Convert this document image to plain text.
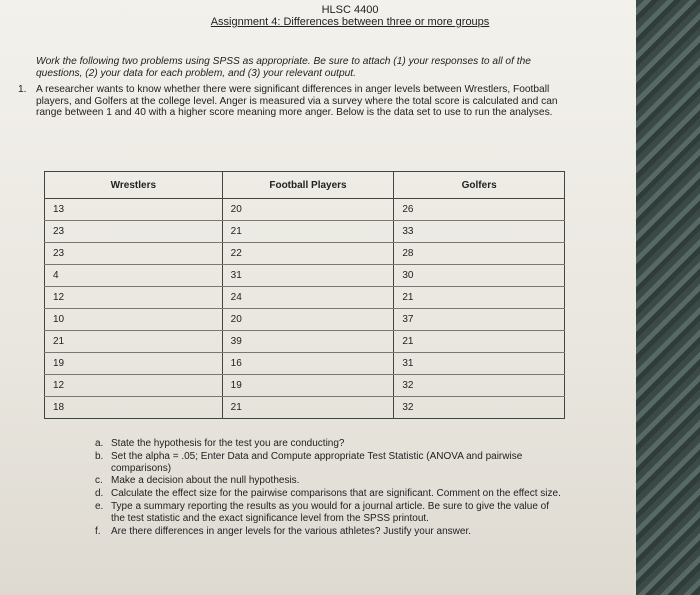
HLSC 4400
Assignment 4: Differences between three or more groups
Work the following two problems using SPSS as appropriate. Be sure to attach (1) your responses to all of the questions, (2) your data for each problem, and (3) your relevant output.
1. A researcher wants to know whether there were significant differences in anger levels between Wrestlers, Football players, and Golfers at the college level. Anger is measured via a survey where the total score is calculated and can range between 1 and 40 with a higher score meaning more anger. Below is the data set to use to run the analyses.
Wrestlers		Football Players		Golfers	
13		20		26	
23		21		33	
23		22		28	
4		31		30	
12		24		21	
10		20		37	
21		39		21	
19		16		31	
12		19		32	
18		21		32	
a. State the hypothesis for the test you are conducting?
b. Set the alpha = .05; Enter Data and Compute appropriate Test Statistic (ANOVA and pairwise comparisons)
c. Make a decision about the null hypothesis.
d. Calculate the effect size for the pairwise comparisons that are significant. Comment on the effect size.
e. Type a summary reporting the results as you would for a journal article. Be sure to give the value of the test statistic and the exact significance level from the SPSS printout.
f. Are there differences in anger levels for the various athletes? Justify your answer.
